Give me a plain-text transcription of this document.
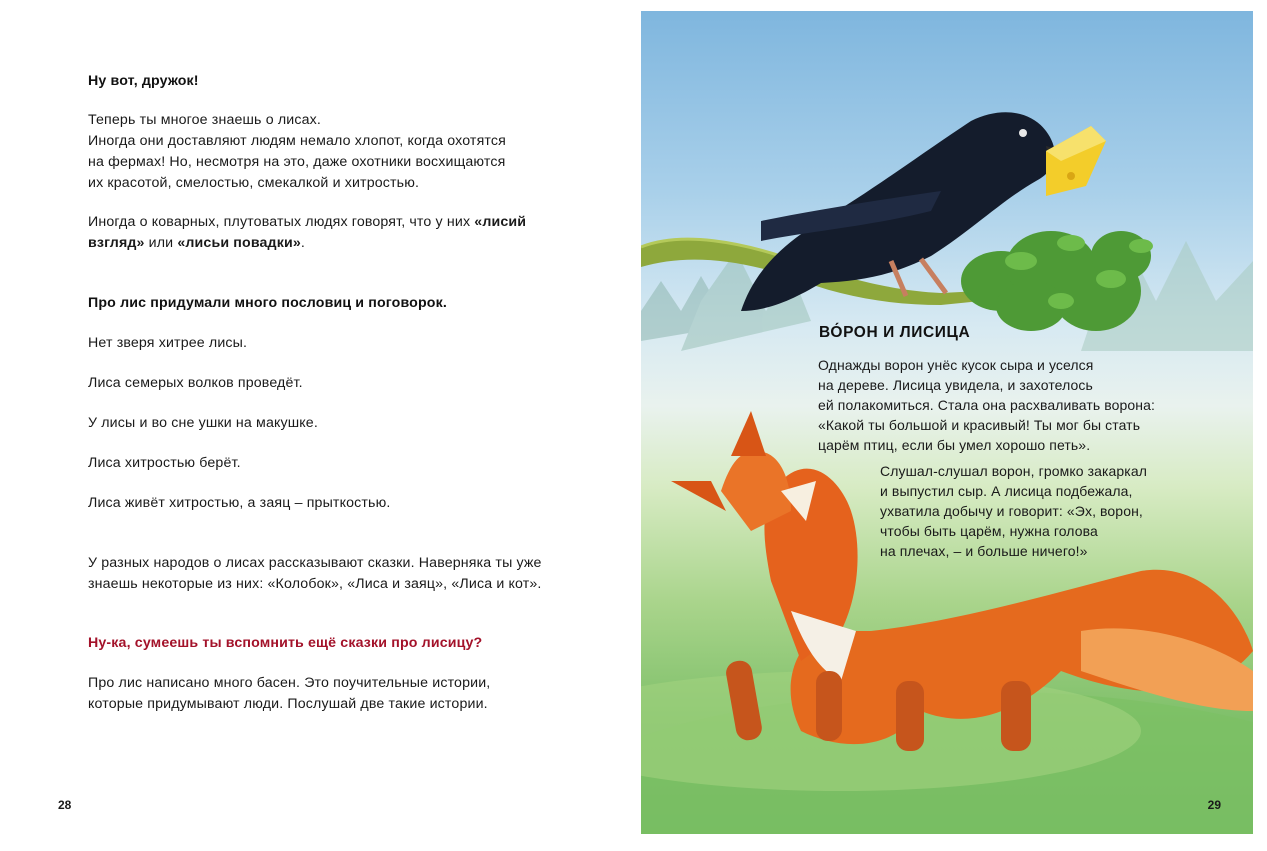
Ну вот, дружок!

Теперь ты многое знаешь о лисах.
Иногда они доставляют людям немало хлопот, когда охотятся
на фермах! Но, несмотря на это, даже охотники восхищаются
их красотой, смелостью, смекалкой и хитростью.

Иногда о коварных, плутоватых людях говорят, что у них «лисий
взгляд» или «лисьи повадки».

Про лис придумали много пословиц и поговорок.

Нет зверя хитрее лисы.

Лиса семерых волков проведёт.

У лисы и во сне ушки на макушке.

Лиса хитростью берёт.

Лиса живёт хитростью, а заяц – прыткостью.

У разных народов о лисах рассказывают сказки. Наверняка ты уже
знаешь некоторые из них: «Колобок», «Лиса и заяц», «Лиса и кот».

Ну-ка, сумеешь ты вспомнить ещё сказки про лисицу?

Про лис написано много басен. Это поучительные истории,
которые придумывают люди. Послушай две такие истории.

28

ВО́РОН И ЛИСИЦА

Однажды ворон унёс кусок сыра и уселся
на дереве. Лисица увидела, и захотелось
ей полакомиться. Стала она расхваливать ворона:
«Какой ты большой и красивый! Ты мог бы стать
царём птиц, если бы умел хорошо петь».

Слушал-слушал ворон, громко закаркал
и выпустил сыр. А лисица подбежала,
ухватила добычу и говорит: «Эх, ворон,
чтобы быть царём, нужна голова
на плечах, – и больше ничего!»

29
